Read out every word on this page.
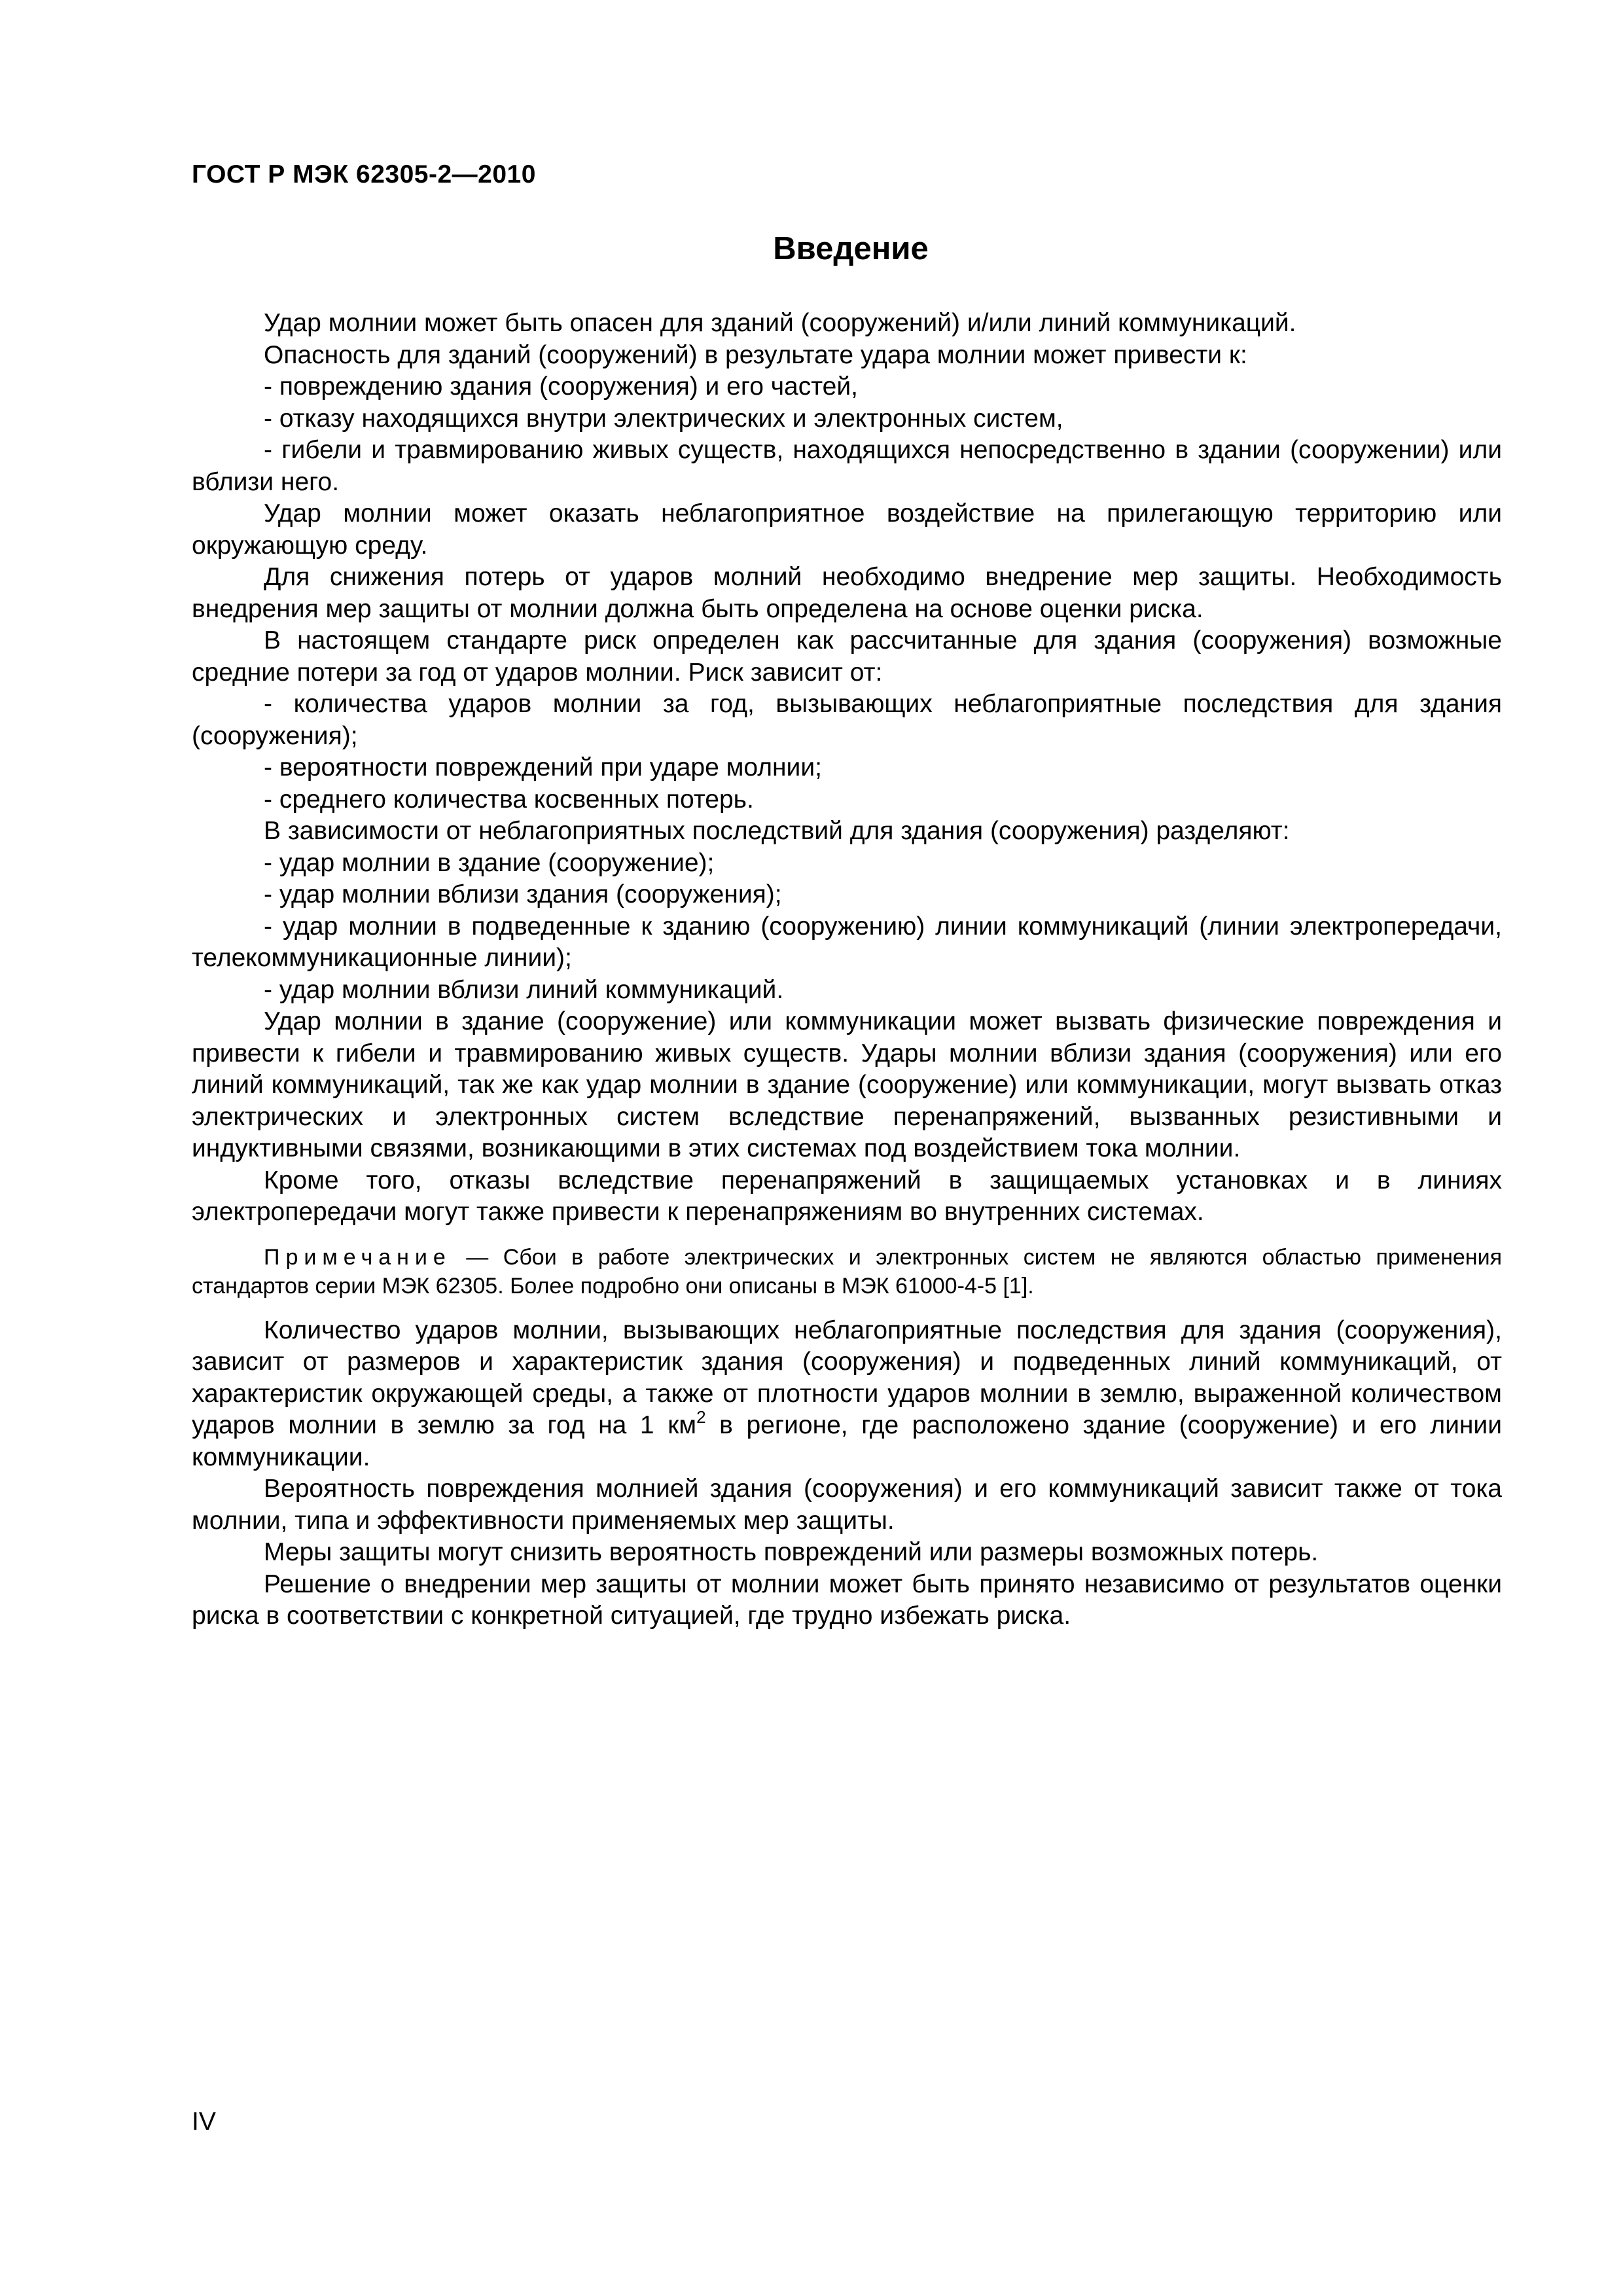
ГОСТ Р МЭК 62305-2—2010
Введение

Удар молнии может быть опасен для зданий (сооружений) и/или линий коммуникаций.

Опасность для зданий (сооружений) в результате удара молнии может привести к:

- повреждению здания (сооружения) и его частей,

- отказу находящихся внутри электрических и электронных систем,

- гибели и травмированию живых существ, находящихся непосредственно в здании (сооружении) или вблизи него.

Удар молнии может оказать неблагоприятное воздействие на прилегающую территорию или окружающую среду.

Для снижения потерь от ударов молний необходимо внедрение мер защиты. Необходимость внедрения мер защиты от молнии должна быть определена на основе оценки риска.

В настоящем стандарте риск определен как рассчитанные для здания (сооружения) возможные средние потери за год от ударов молнии. Риск зависит от:

- количества ударов молнии за год, вызывающих неблагоприятные последствия для здания (сооружения);

- вероятности повреждений при ударе молнии;

- среднего количества косвенных потерь.

В зависимости от неблагоприятных последствий для здания (сооружения) разделяют:

- удар молнии в здание (сооружение);

- удар молнии вблизи здания (сооружения);

- удар молнии в подведенные к зданию (сооружению) линии коммуникаций (линии электропередачи, телекоммуникационные линии);

- удар молнии вблизи линий коммуникаций.

Удар молнии в здание (сооружение) или коммуникации может вызвать физические повреждения и привести к гибели и травмированию живых существ. Удары молнии вблизи здания (сооружения) или его линий коммуникаций, так же как удар молнии в здание (сооружение) или коммуникации, могут вызвать отказ электрических и электронных систем вследствие перенапряжений, вызванных резистивными и индуктивными связями, возникающими в этих системах под воздействием тока молнии.

Кроме того, отказы вследствие перенапряжений в защищаемых установках и в линиях электропередачи могут также привести к перенапряжениям во внутренних системах.

Примечание — Сбои в работе электрических и электронных систем не являются областью применения стандартов серии МЭК 62305. Более подробно они описаны в МЭК 61000-4-5 [1].

Количество ударов молнии, вызывающих неблагоприятные последствия для здания (сооружения), зависит от размеров и характеристик здания (сооружения) и подведенных линий коммуникаций, от характеристик окружающей среды, а также от плотности ударов молнии в землю, выраженной количеством ударов молнии в землю за год на 1 $км^2$ в регионе, где расположено здание (сооружение) и его линии коммуникации.

Вероятность повреждения молнией здания (сооружения) и его коммуникаций зависит также от тока молнии, типа и эффективности применяемых мер защиты.

Меры защиты могут снизить вероятность повреждений или размеры возможных потерь.

Решение о внедрении мер защиты от молнии может быть принято независимо от результатов оценки риска в соответствии с конкретной ситуацией, где трудно избежать риска.

IV
